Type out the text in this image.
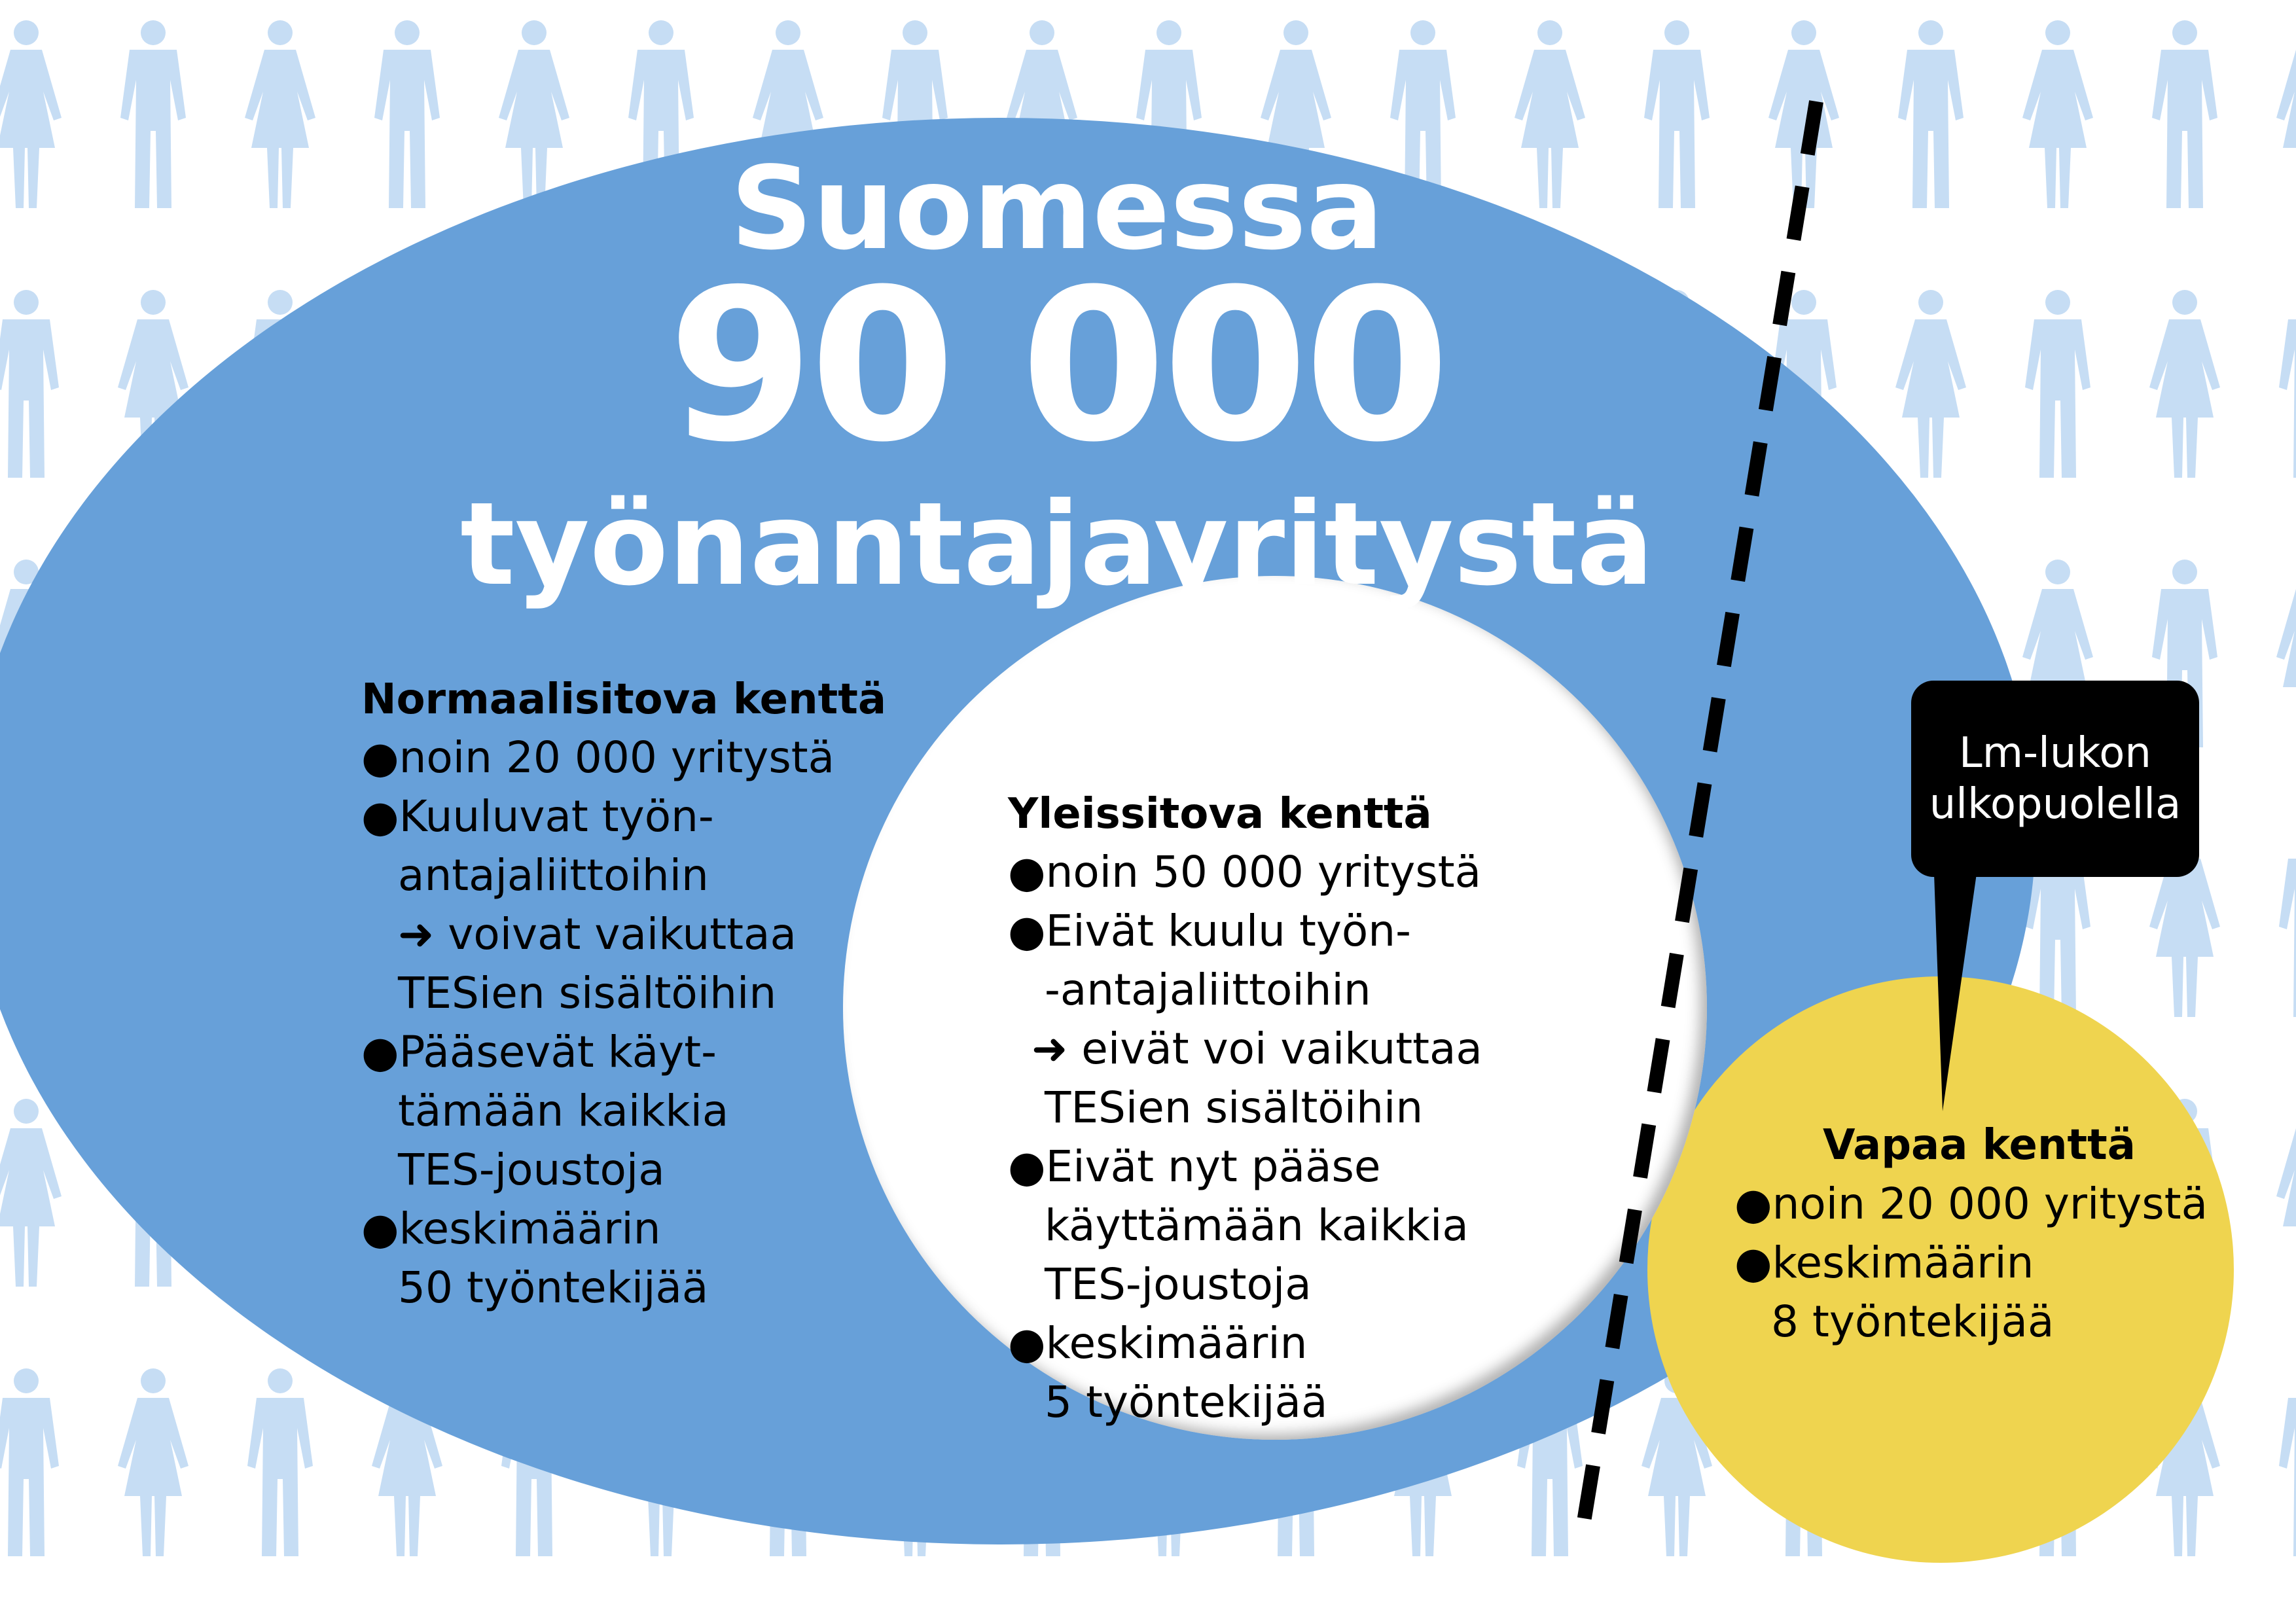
Suomessa
90 000
työnantajayritystä
Normaalisitova kenttä
●noin 20 000 yritystä
●Kuuluvat työn-
antajaliittoihin
➜ voivat vaikuttaa
TESien sisältöihin
●Pääsevät käyt-
tämään kaikkia
TES-joustoja
●keskimäärin
50 työntekijää
Yleissitova kenttä
●noin 50 000 yritystä
●Eivät kuulu työn-
-antajaliittoihin
➜ eivät voi vaikuttaa
TESien sisältöihin
●Eivät nyt pääse
käyttämään kaikkia
TES-joustoja
●keskimäärin
5 työntekijää
Lm-lukon
ulkopuolella
Vapaa kenttä
●noin 20 000 yritystä
●keskimäärin
8 työntekijää
